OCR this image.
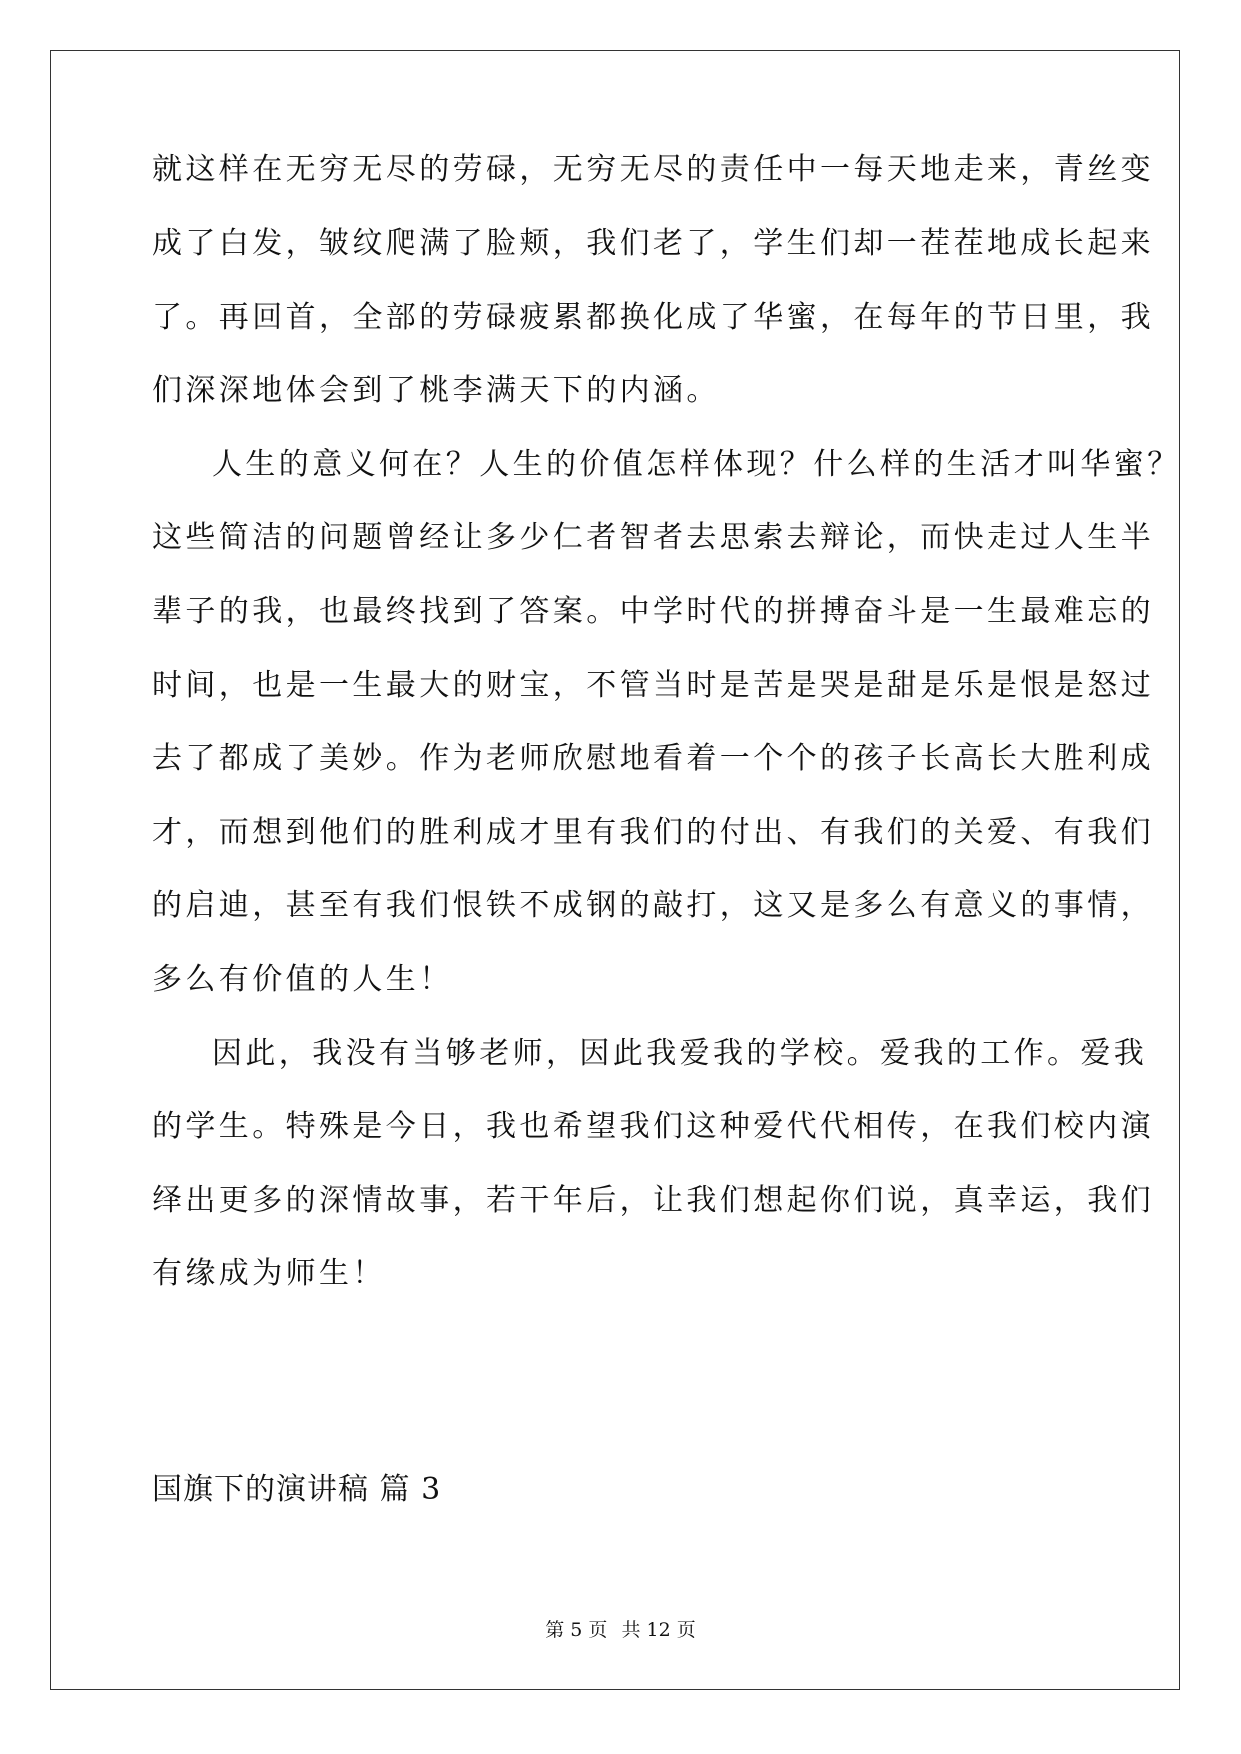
就这样在无穷无尽的劳碌，无穷无尽的责任中一每天地走来，青丝变
成了白发，皱纹爬满了脸颊，我们老了，学生们却一茬茬地成长起来
了。再回首，全部的劳碌疲累都换化成了华蜜，在每年的节日里，我
们深深地体会到了桃李满天下的内涵。
人生的意义何在？人生的价值怎样体现？什么样的生活才叫华蜜？
这些简洁的问题曾经让多少仁者智者去思索去辩论，而快走过人生半
辈子的我，也最终找到了答案。中学时代的拼搏奋斗是一生最难忘的
时间，也是一生最大的财宝，不管当时是苦是哭是甜是乐是恨是怒过
去了都成了美妙。作为老师欣慰地看着一个个的孩子长高长大胜利成
才，而想到他们的胜利成才里有我们的付出、有我们的关爱、有我们
的启迪，甚至有我们恨铁不成钢的敲打，这又是多么有意义的事情，
多么有价值的人生！
因此，我没有当够老师，因此我爱我的学校。爱我的工作。爱我
的学生。特殊是今日，我也希望我们这种爱代代相传，在我们校内演
绎出更多的深情故事，若干年后，让我们想起你们说，真幸运，我们
有缘成为师生！
国旗下的演讲稿 篇 3
第 5 页 共 12 页
